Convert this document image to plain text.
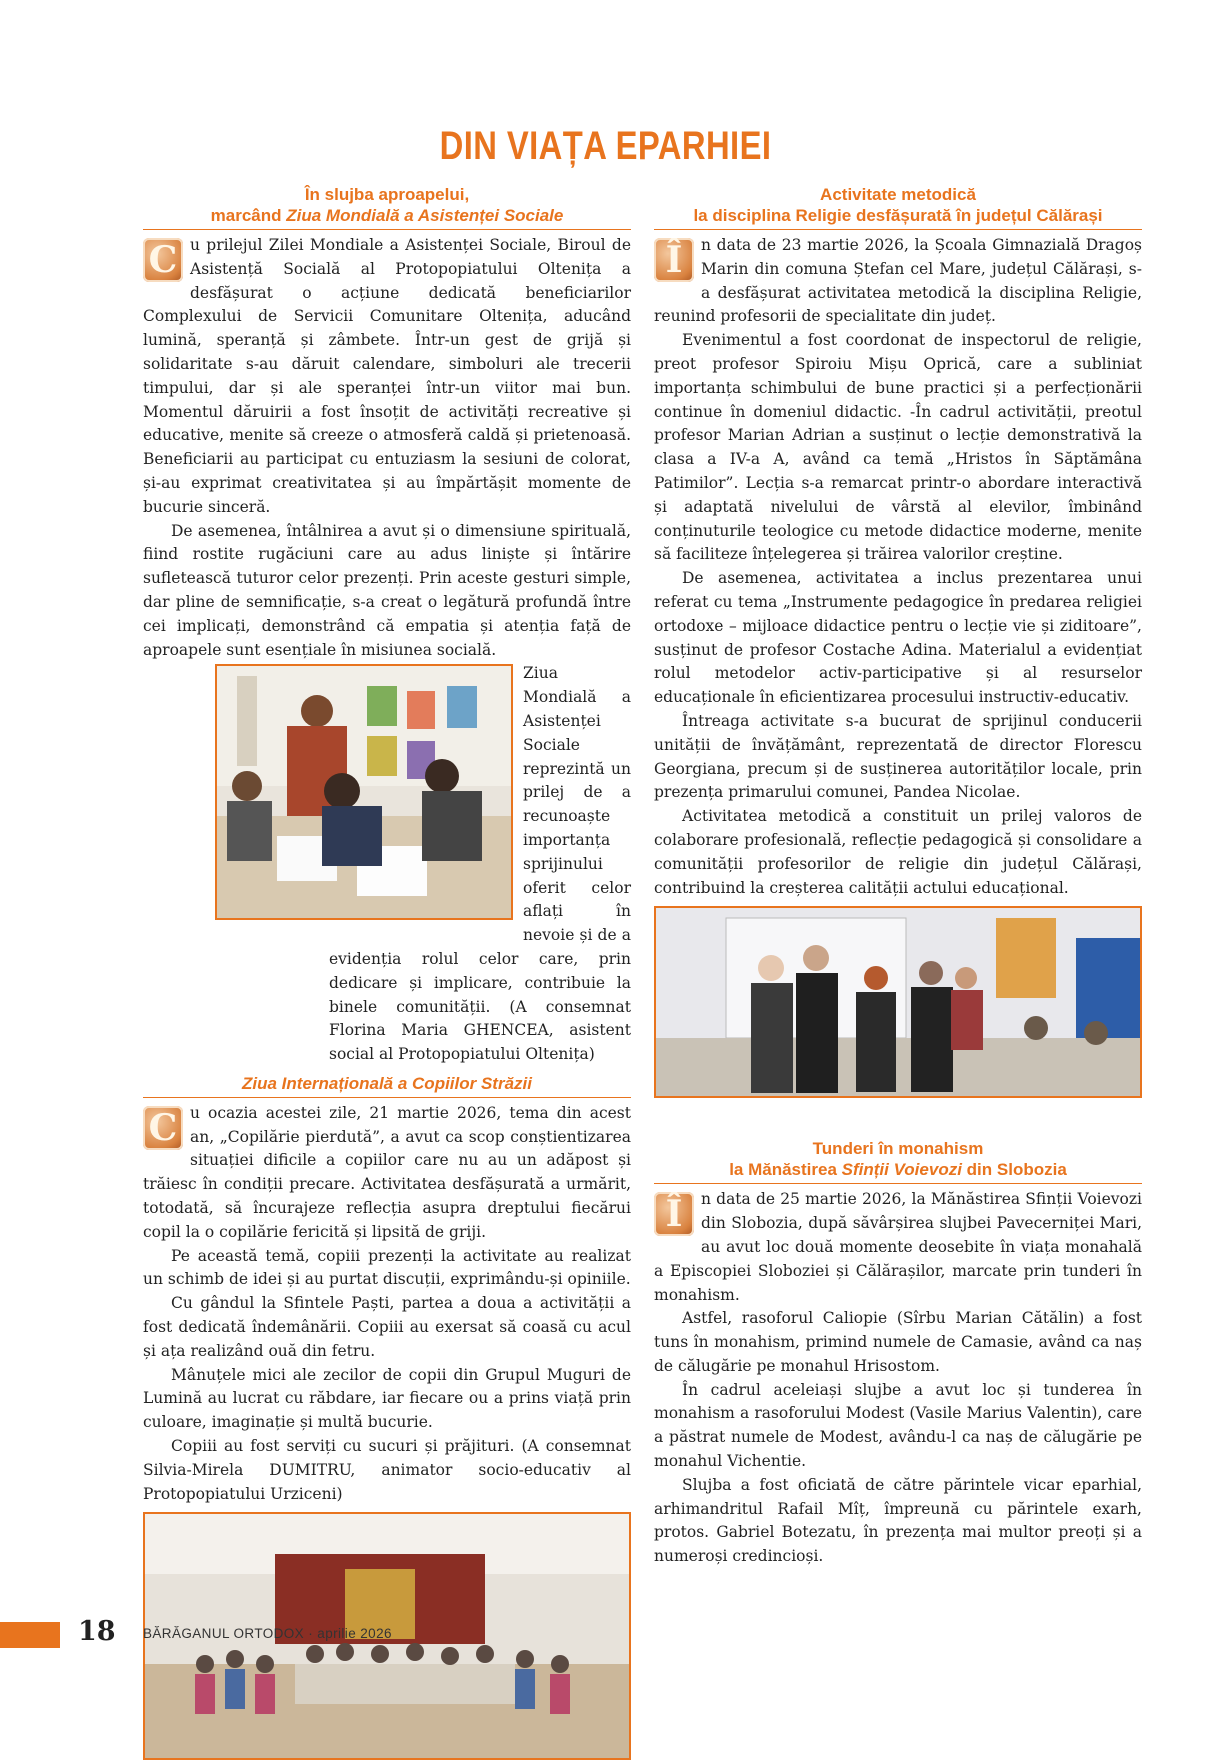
DIN VIAȚA EPARHIEI
În slujba aproapelui,
marcând Ziua Mondială a Asistenței Sociale

C u prilejul Zilei Mondiale a Asistenței Sociale, Biroul de Asistență Socială al Protopopiatului Oltenița a desfășurat o acțiune dedicată beneficiarilor Complexului de Servicii Comunitare Oltenița, aducând lumină, speranță și zâmbete. Într-un gest de grijă și solidaritate s-au dăruit calendare, simboluri ale trecerii timpului, dar și ale speranței într-un viitor mai bun. Momentul dăruirii a fost însoțit de activități recreative și educative, menite să creeze o atmosferă caldă și prietenoasă. Beneficiarii au participat cu entuziasm la sesiuni de colorat, și-au exprimat creativitatea și au împărtășit momente de bucurie sinceră.

De asemenea, întâlnirea a avut și o dimensiune spirituală, fiind rostite rugăciuni care au adus liniște și întărire sufletească tuturor celor prezenți. Prin aceste gesturi simple, dar pline de semnificație, s-a creat o legătură profundă între cei implicați, demonstrând că empatia și atenția față de aproapele sunt esențiale în misiunea socială.

Ziua Mondială a Asistenței Sociale reprezintă un prilej de a recunoaște importanța sprijinului oferit celor aflați în nevoie și de a evidenția rolul celor care, prin dedicare și implicare, contribuie la binele comunității. (A consemnat Florina Maria GHENCEA, asistent social al Protopopiatului Oltenița)

Ziua Internațională a Copiilor Străzii

C u ocazia acestei zile, 21 martie 2026, tema din acest an, „Copilărie pierdută”, a avut ca scop conștientizarea situației dificile a copiilor care nu au un adăpost și trăiesc în condiții precare. Activitatea desfășurată a urmărit, totodată, să încurajeze reflecția asupra dreptului fiecărui copil la o copilărie fericită și lipsită de griji.

Pe această temă, copiii prezenți la activitate au realizat un schimb de idei și au purtat discuții, exprimându-și opiniile.

Cu gândul la Sfintele Paști, partea a doua a activității a fost dedicată îndemânării. Copiii au exersat să coasă cu acul și ața realizând ouă din fetru.

Mânuțele mici ale zecilor de copii din Grupul Muguri de Lumină au lucrat cu răbdare, iar fiecare ou a prins viață prin culoare, imaginație și multă bucurie.

Copiii au fost serviți cu sucuri și prăjituri. (A consemnat Silvia-Mirela DUMITRU, animator socio-educativ al Protopopiatului Urziceni)

Activitate metodică
la disciplina Religie desfășurată în județul Călărași

Î	n data de 23 martie 2026, la Școala Gimnazială Dragoș Marin din comuna Ștefan cel Mare, județul Călărași, s-a desfășurat activitatea metodică la disciplina Religie, reunind profesorii de specialitate din județ.

Evenimentul a fost coordonat de inspectorul de religie, preot profesor Spiroiu Mișu Oprică, care a subliniat importanța schimbului de bune practici și a perfecționării continue în domeniul didactic. -În cadrul activității, preotul profesor Marian Adrian a susținut o lecție demonstrativă la clasa a IV-a A, având ca temă „Hristos în Săptămâna Patimilor”. Lecția s-a remarcat printr-o abordare interactivă și adaptată nivelului de vârstă al elevilor, îmbinând conținuturile teologice cu metode didactice moderne, menite să faciliteze înțelegerea și trăirea valorilor creștine.

De asemenea, activitatea a inclus prezentarea unui referat cu tema „Instrumente pedagogice în predarea religiei ortodoxe – mijloace didactice pentru o lecție vie și ziditoare”, susținut de profesor Costache Adina. Materialul a evidențiat rolul metodelor activ-participative și al resurselor educaționale în eficientizarea procesului instructiv-educativ.

Întreaga activitate s-a bucurat de sprijinul conducerii unității de învățământ, reprezentată de director Florescu Georgiana, precum și de susținerea autorităților locale, prin prezența primarului comunei, Pandea Nicolae.

Activitatea metodică a constituit un prilej valoros de colaborare profesională, reflecție pedagogică și consolidare a comunității profesorilor de religie din județul Călărași, contribuind la creșterea calității actului educațional.

Tunderi în monahism
la Mănăstirea Sfinții Voievozi din Slobozia

Î	n data de 25 martie 2026, la Mănăstirea Sfinții Voievozi din Slobozia, după săvârșirea slujbei Pavecerniței Mari, au avut loc două momente deosebite în viața monahală a Episcopiei Sloboziei și Călărașilor, marcate prin tunderi în monahism.

Astfel, rasoforul Caliopie (Sîrbu Marian Cătălin) a fost tuns în monahism, primind numele de Camasie, având ca naș de călugărie pe monahul Hrisostom.

În cadrul aceleiași slujbe a avut loc și tunderea în monahism a rasoforului Modest (Vasile Marius Valentin), care a păstrat numele de Modest, avându-l ca naș de călugărie pe monahul Vichentie.

Slujba a fost oficiată de către părintele vicar eparhial, arhimandritul Rafail Mîț, împreună cu părintele exarh, protos. Gabriel Botezatu, în prezența mai multor preoți și a numeroși credincioși.

18 BĂRĂGANUL ORTODOX · aprilie 2026
